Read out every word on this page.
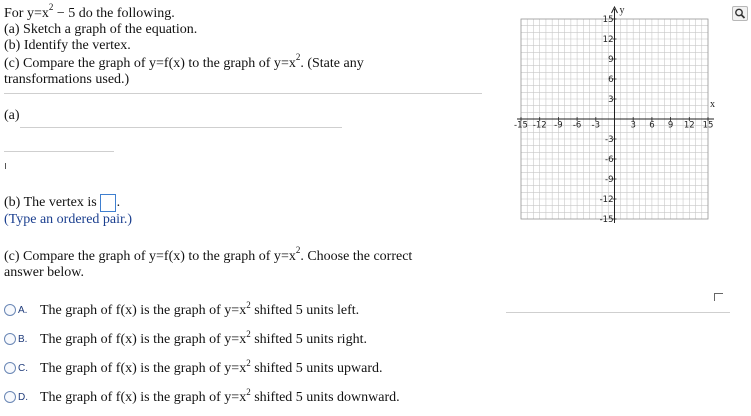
For $y=x^2 - 5$ do the following.
(a) Sketch a graph of the equation.
(b) Identify the vertex.
(c) Compare the graph of y=f(x) to the graph of $y=x^2$. (State any
transformations used.)
(a)
(b) The vertex is .
(Type an ordered pair.)
(c) Compare the graph of y=f(x) to the graph of $y=x^2$. Choose the correct
answer below.
A. The graph of f(x) is the graph of $y=x^2$ shifted 5 units left.
B. The graph of f(x) is the graph of $y=x^2$ shifted 5 units right.
C. The graph of f(x) is the graph of $y=x^2$ shifted 5 units upward.
D. The graph of f(x) is the graph of $y=x^2$ shifted 5 units downward.
x
y
-15 -12 -9 -6 -3	3 6 9 12 15
15
12
9
6
3
-3
-6
-9
-12
-15
